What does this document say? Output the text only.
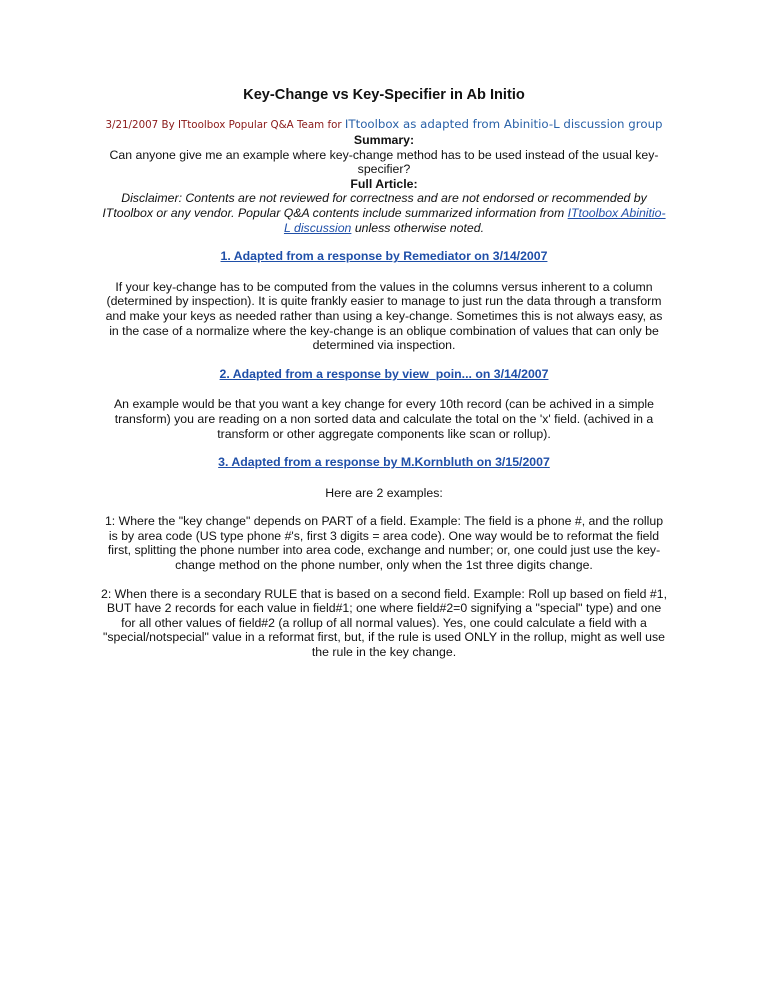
Key-Change vs Key-Specifier in Ab Initio

3/21/2007 By ITtoolbox Popular Q&A Team for ITtoolbox as adapted from Abinitio-L discussion group

Summary:

Can anyone give me an example where key-change method has to be used instead of the usual key-specifier?

Full Article:

Disclaimer: Contents are not reviewed for correctness and are not endorsed or recommended by ITtoolbox or any vendor. Popular Q&A contents include summarized information from ITtoolbox Abinitio-L discussion unless otherwise noted.

1. Adapted from a response by Remediator on 3/14/2007

If your key-change has to be computed from the values in the columns versus inherent to a column (determined by inspection). It is quite frankly easier to manage to just run the data through a transform and make your keys as needed rather than using a key-change. Sometimes this is not always easy, as in the case of a normalize where the key-change is an oblique combination of values that can only be determined via inspection.

2. Adapted from a response by view_poin... on 3/14/2007

An example would be that you want a key change for every 10th record (can be achived in a simple transform) you are reading on a non sorted data and calculate the total on the 'x' field. (achived in a transform or other aggregate components like scan or rollup).

3. Adapted from a response by M.Kornbluth on 3/15/2007

Here are 2 examples:

1: Where the "key change" depends on PART of a field. Example: The field is a phone #, and the rollup is by area code (US type phone #'s, first 3 digits = area code). One way would be to reformat the field first, splitting the phone number into area code, exchange and number; or, one could just use the key-change method on the phone number, only when the 1st three digits change.

2: When there is a secondary RULE that is based on a second field. Example: Roll up based on field #1, BUT have 2 records for each value in field#1; one where field#2=0 signifying a "special" type) and one for all other values of field#2 (a rollup of all normal values). Yes, one could calculate a field with a "special/notspecial" value in a reformat first, but, if the rule is used ONLY in the rollup, might as well use the rule in the key change.
